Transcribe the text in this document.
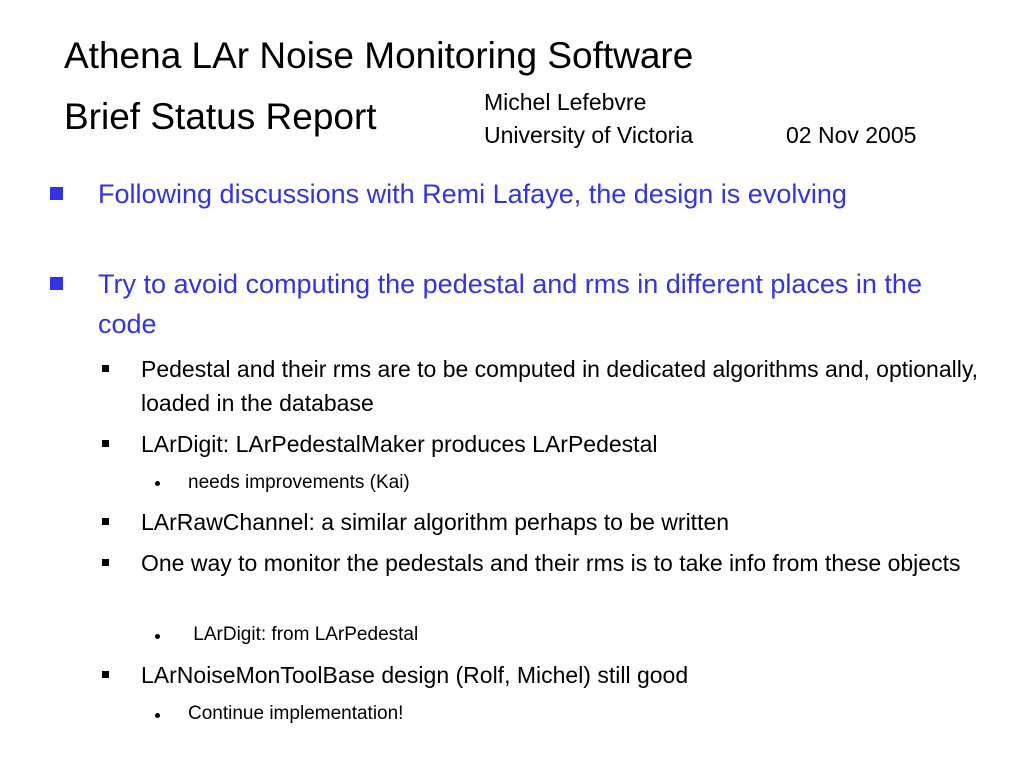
Athena LAr Noise Monitoring Software
Brief Status Report	Michel Lefebvre
University of Victoria	02 Nov 2005
Following discussions with Remi Lafaye, the design is evolving
Try to avoid computing the pedestal and rms in different places in the code
Pedestal and their rms are to be computed in dedicated algorithms and, optionally, loaded in the database
LArDigit: LArPedestalMaker produces LArPedestal
needs improvements (Kai)
LArRawChannel: a similar algorithm perhaps to be written
One way to monitor the pedestals and their rms is to take info from these objects
LArDigit: from LArPedestal
LArNoiseMonToolBase design (Rolf, Michel) still good
Continue implementation!
